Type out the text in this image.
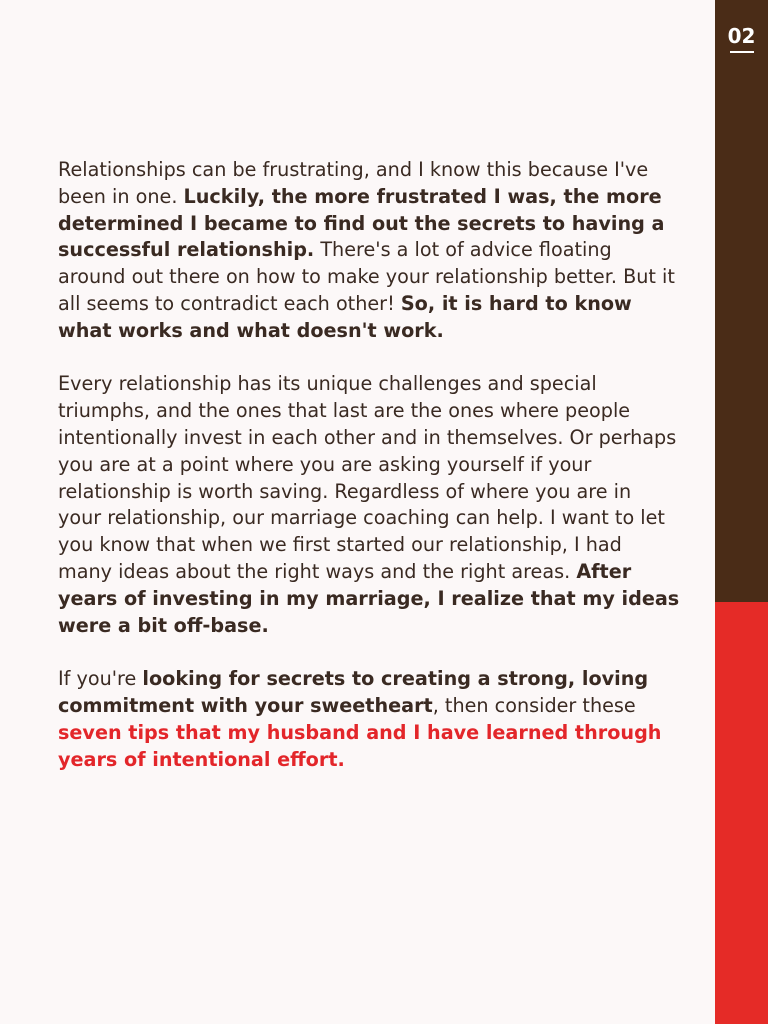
02

Relationships can be frustrating, and I know this because I've been in one. Luckily, the more frustrated I was, the more determined I became to find out the secrets to having a successful relationship. There's a lot of advice floating around out there on how to make your relationship better. But it all seems to contradict each other! So, it is hard to know what works and what doesn't work.

Every relationship has its unique challenges and special triumphs, and the ones that last are the ones where people intentionally invest in each other and in themselves. Or perhaps you are at a point where you are asking yourself if your relationship is worth saving. Regardless of where you are in your relationship, our marriage coaching can help. I want to let you know that when we first started our relationship, I had many ideas about the right ways and the right areas. After years of investing in my marriage, I realize that my ideas were a bit off-base.

If you're looking for secrets to creating a strong, loving commitment with your sweetheart, then consider these seven tips that my husband and I have learned through years of intentional effort.
